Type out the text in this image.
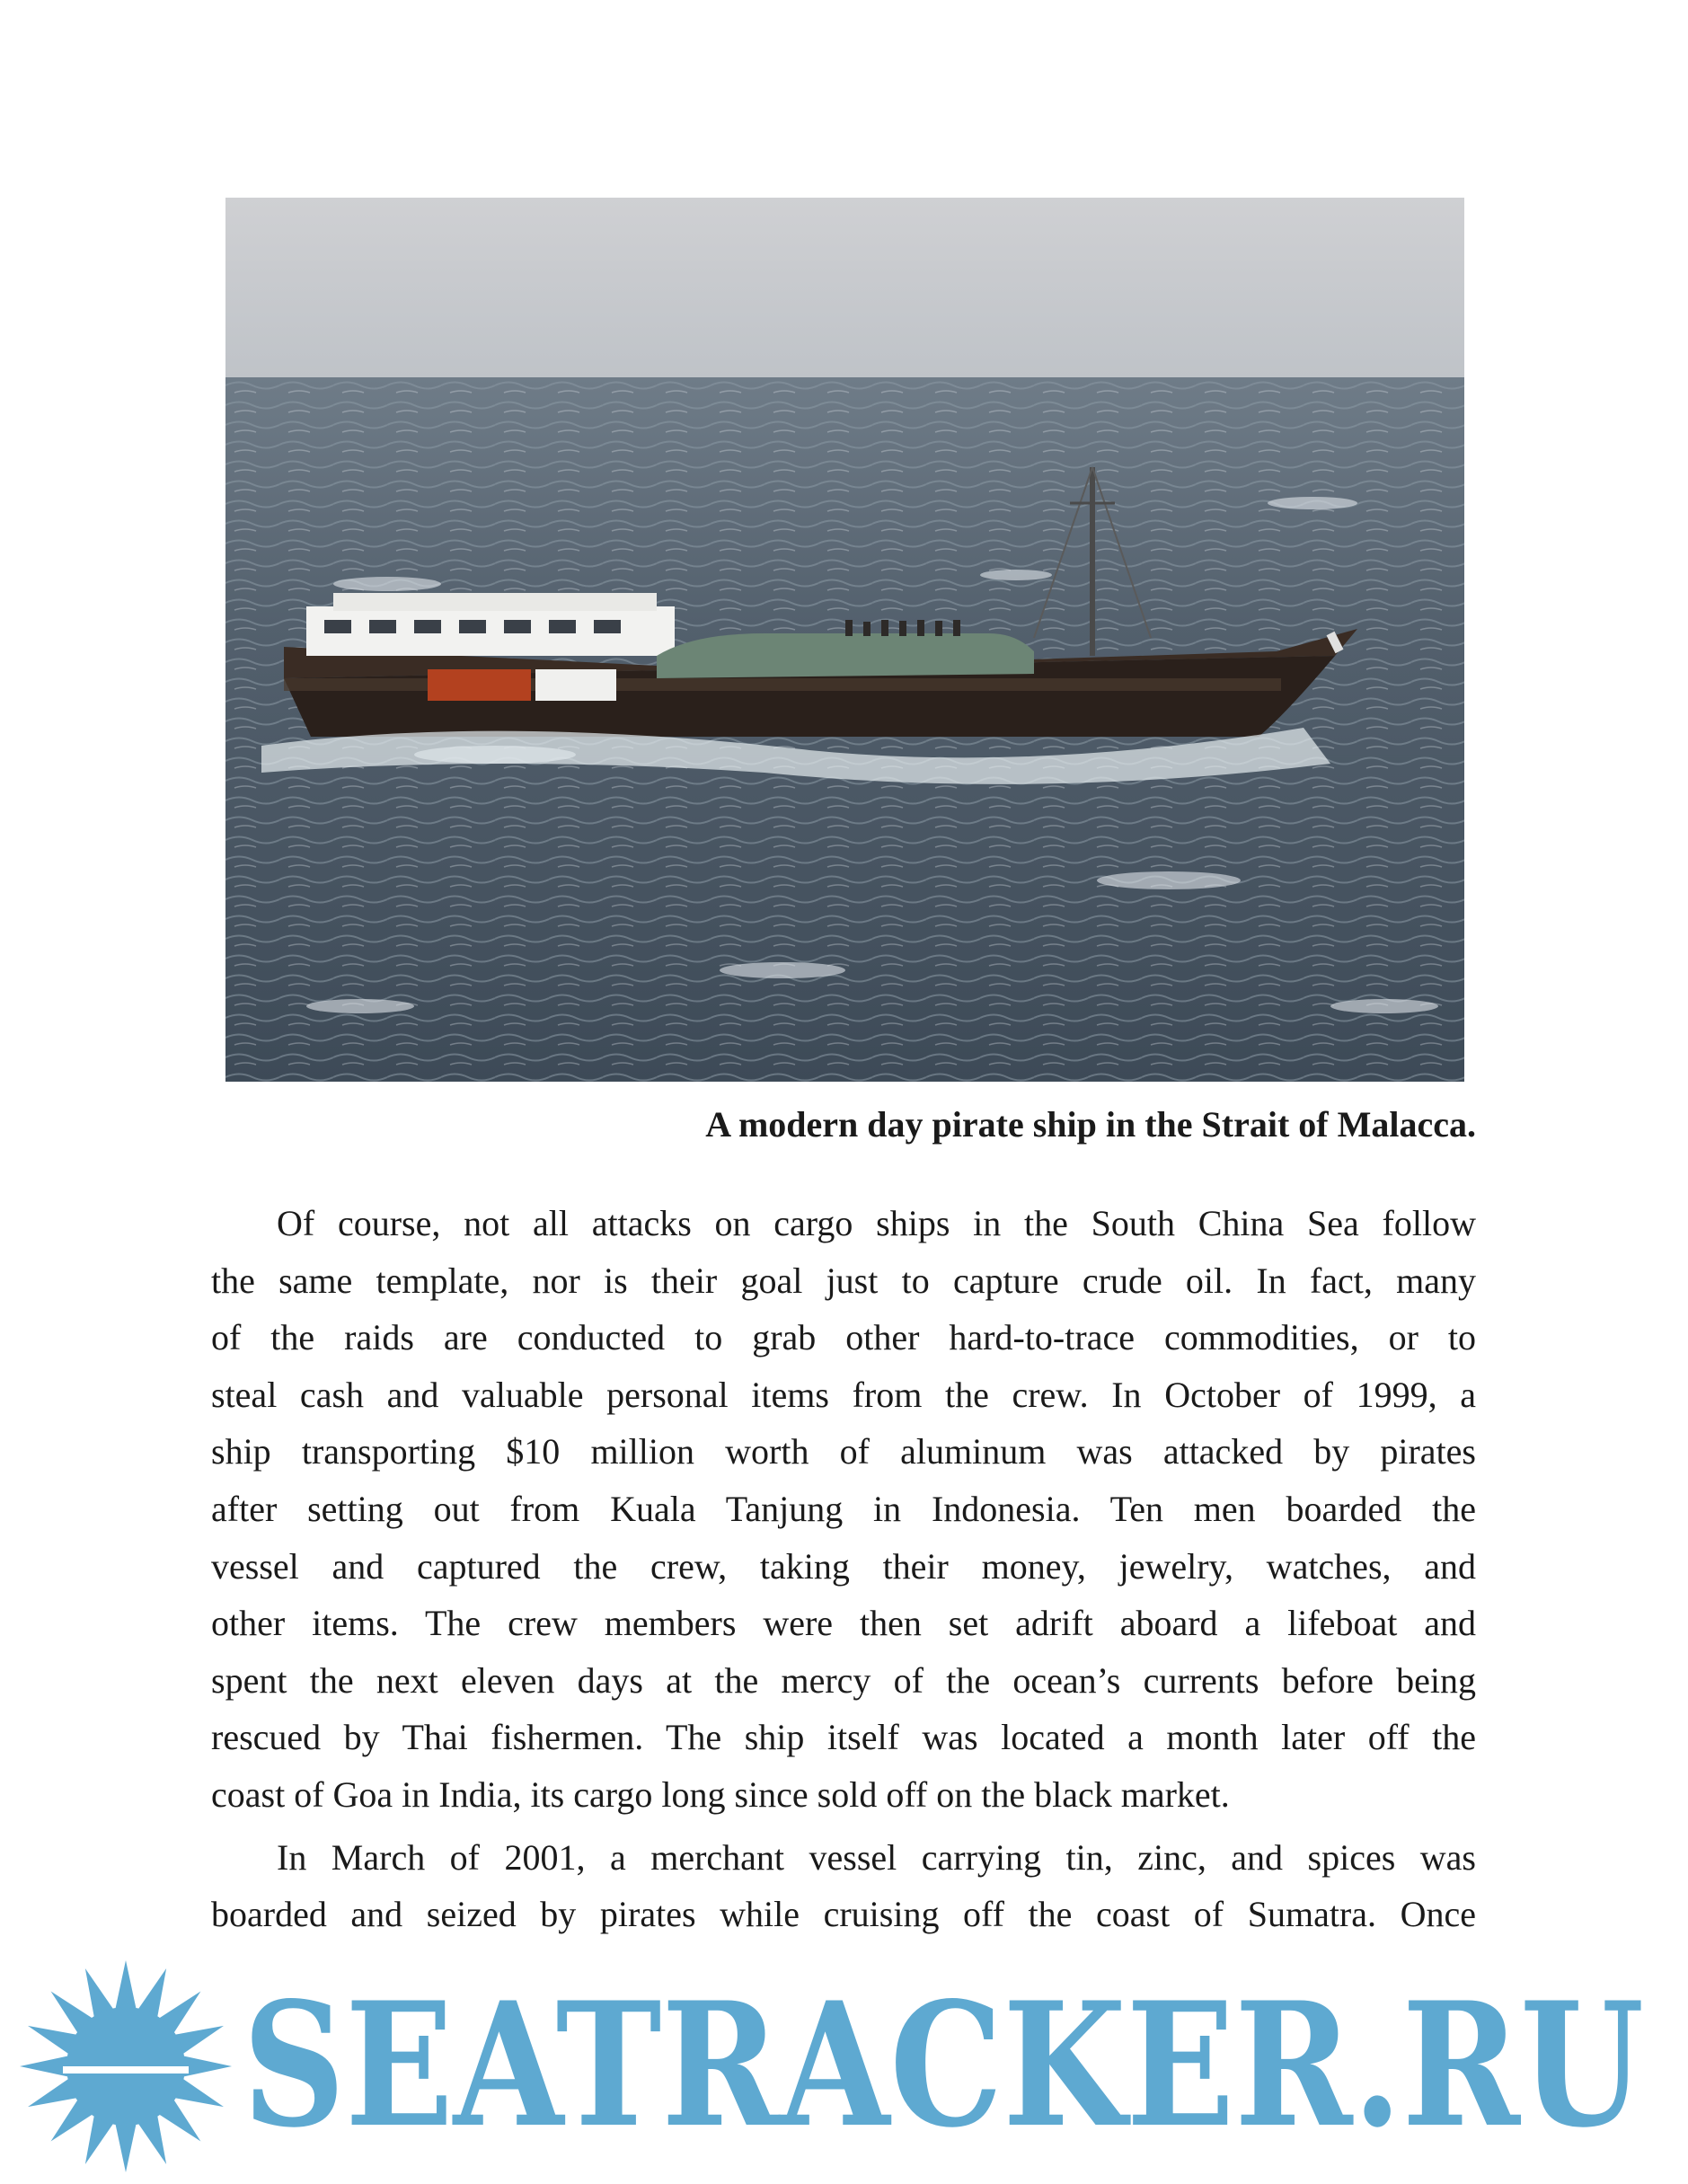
A modern day pirate ship in the Strait of Malacca.
Of course, not all attacks on cargo ships in the South China Sea follow
the same template, nor is their goal just to capture crude oil. In fact, many
of the raids are conducted to grab other hard-to-trace commodities, or to
steal cash and valuable personal items from the crew. In October of 1999, a
ship transporting $10 million worth of aluminum was attacked by pirates
after setting out from Kuala Tanjung in Indonesia. Ten men boarded the
vessel and captured the crew, taking their money, jewelry, watches, and
other items. The crew members were then set adrift aboard a lifeboat and
spent the next eleven days at the mercy of the ocean’s currents before being
rescued by Thai fishermen. The ship itself was located a month later off the
coast of Goa in India, its cargo long since sold off on the black market.
In March of 2001, a merchant vessel carrying tin, zinc, and spices was
boarded and seized by pirates while cruising off the coast of Sumatra. Once
SEATRACKER.RU
